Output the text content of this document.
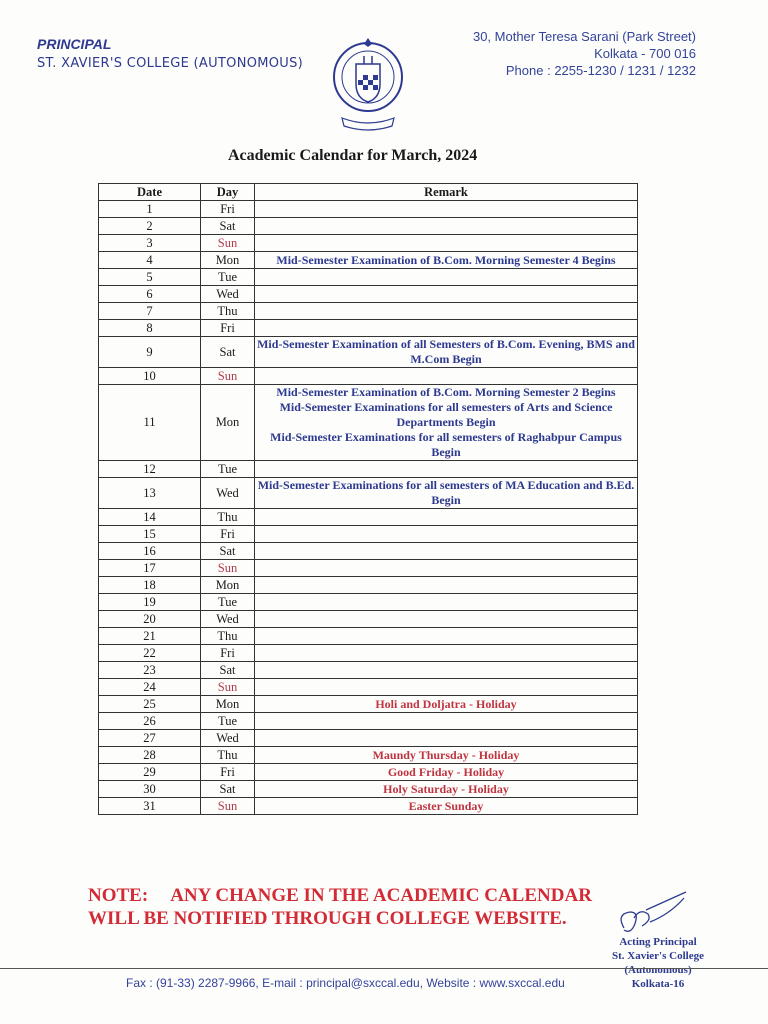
PRINCIPAL
ST. XAVIER'S COLLEGE (AUTONOMOUS)
30, Mother Teresa Sarani (Park Street)
Kolkata - 700 016
Phone : 2255-1230 / 1231 / 1232
Academic Calendar for March, 2024
Date	Day	Remark
1	Fri	
2	Sat	
3	Sun	
4	Mon	Mid-Semester Examination of B.Com. Morning Semester 4 Begins
5	Tue	
6	Wed	
7	Thu	
8	Fri	
9	Sat	Mid-Semester Examination of all Semesters of B.Com. Evening, BMS and M.Com Begin
10	Sun	
11	Mon	Mid-Semester Examination of B.Com. Morning Semester 2 Begins
Mid-Semester Examinations for all semesters of Arts and Science Departments Begin
Mid-Semester Examinations for all semesters of Raghabpur Campus Begin
12	Tue	
13	Wed	Mid-Semester Examinations for all semesters of MA Education and B.Ed. Begin
14	Thu	
15	Fri	
16	Sat	
17	Sun	
18	Mon	
19	Tue	
20	Wed	
21	Thu	
22	Fri	
23	Sat	
24	Sun	
25	Mon	Holi and Doljatra - Holiday
26	Tue	
27	Wed	
28	Thu	Maundy Thursday - Holiday
29	Fri	Good Friday - Holiday
30	Sat	Holy Saturday - Holiday
31	Sun	Easter Sunday
NOTE: ANY CHANGE IN THE ACADEMIC CALENDAR
WILL BE NOTIFIED THROUGH COLLEGE WEBSITE.
Acting Principal
St. Xavier's College
(Autonomous)
Kolkata-16
Fax : (91-33) 2287-9966, E-mail : principal@sxccal.edu, Website : www.sxccal.edu
